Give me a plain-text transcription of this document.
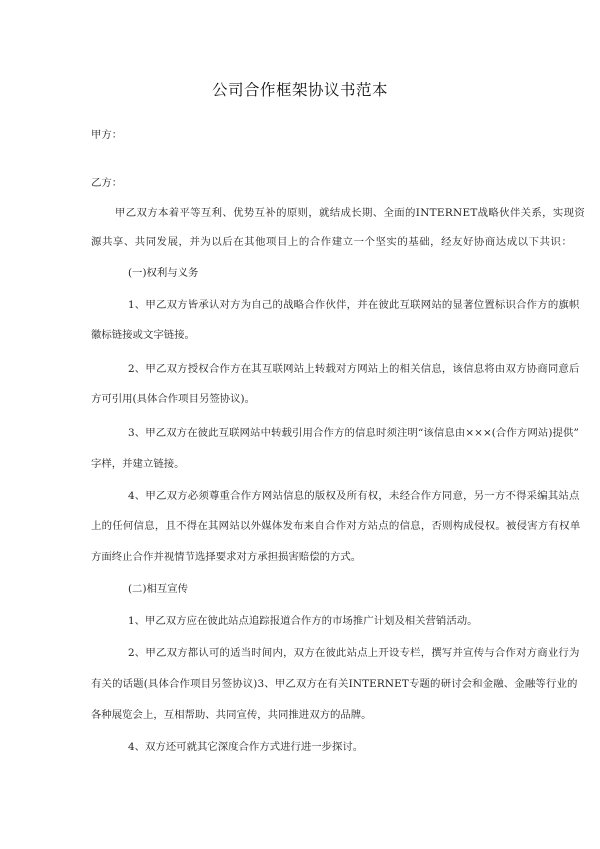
公司合作框架协议书范本
甲方：
乙方：
甲乙双方本着平等互利、优势互补的原则，就结成长期、全面的INTERNET战略伙伴关系，实现资
源共享、共同发展，并为以后在其他项目上的合作建立一个坚实的基础，经友好协商达成以下共识：
(一)权利与义务
1、甲乙双方皆承认对方为自己的战略合作伙伴，并在彼此互联网站的显著位置标识合作方的旗帜
徽标链接或文字链接。
2、甲乙双方授权合作方在其互联网站上转载对方网站上的相关信息，该信息将由双方协商同意后
方可引用(具体合作项目另签协议)。
3、甲乙双方在彼此互联网站中转载引用合作方的信息时须注明“该信息由×××(合作方网站)提供”
字样，并建立链接。
4、甲乙双方必须尊重合作方网站信息的版权及所有权，未经合作方同意，另一方不得采编其站点
上的任何信息，且不得在其网站以外媒体发布来自合作对方站点的信息，否则构成侵权。被侵害方有权单
方面终止合作并视情节选择要求对方承担损害赔偿的方式。
(二)相互宣传
1、甲乙双方应在彼此站点追踪报道合作方的市场推广计划及相关营销活动。
2、甲乙双方都认可的适当时间内，双方在彼此站点上开设专栏，撰写并宣传与合作对方商业行为
有关的话题(具体合作项目另签协议)3、甲乙双方在有关INTERNET专题的研讨会和金融、金融等行业的
各种展览会上，互相帮助、共同宣传，共同推进双方的品牌。
4、双方还可就其它深度合作方式进行进一步探讨。
